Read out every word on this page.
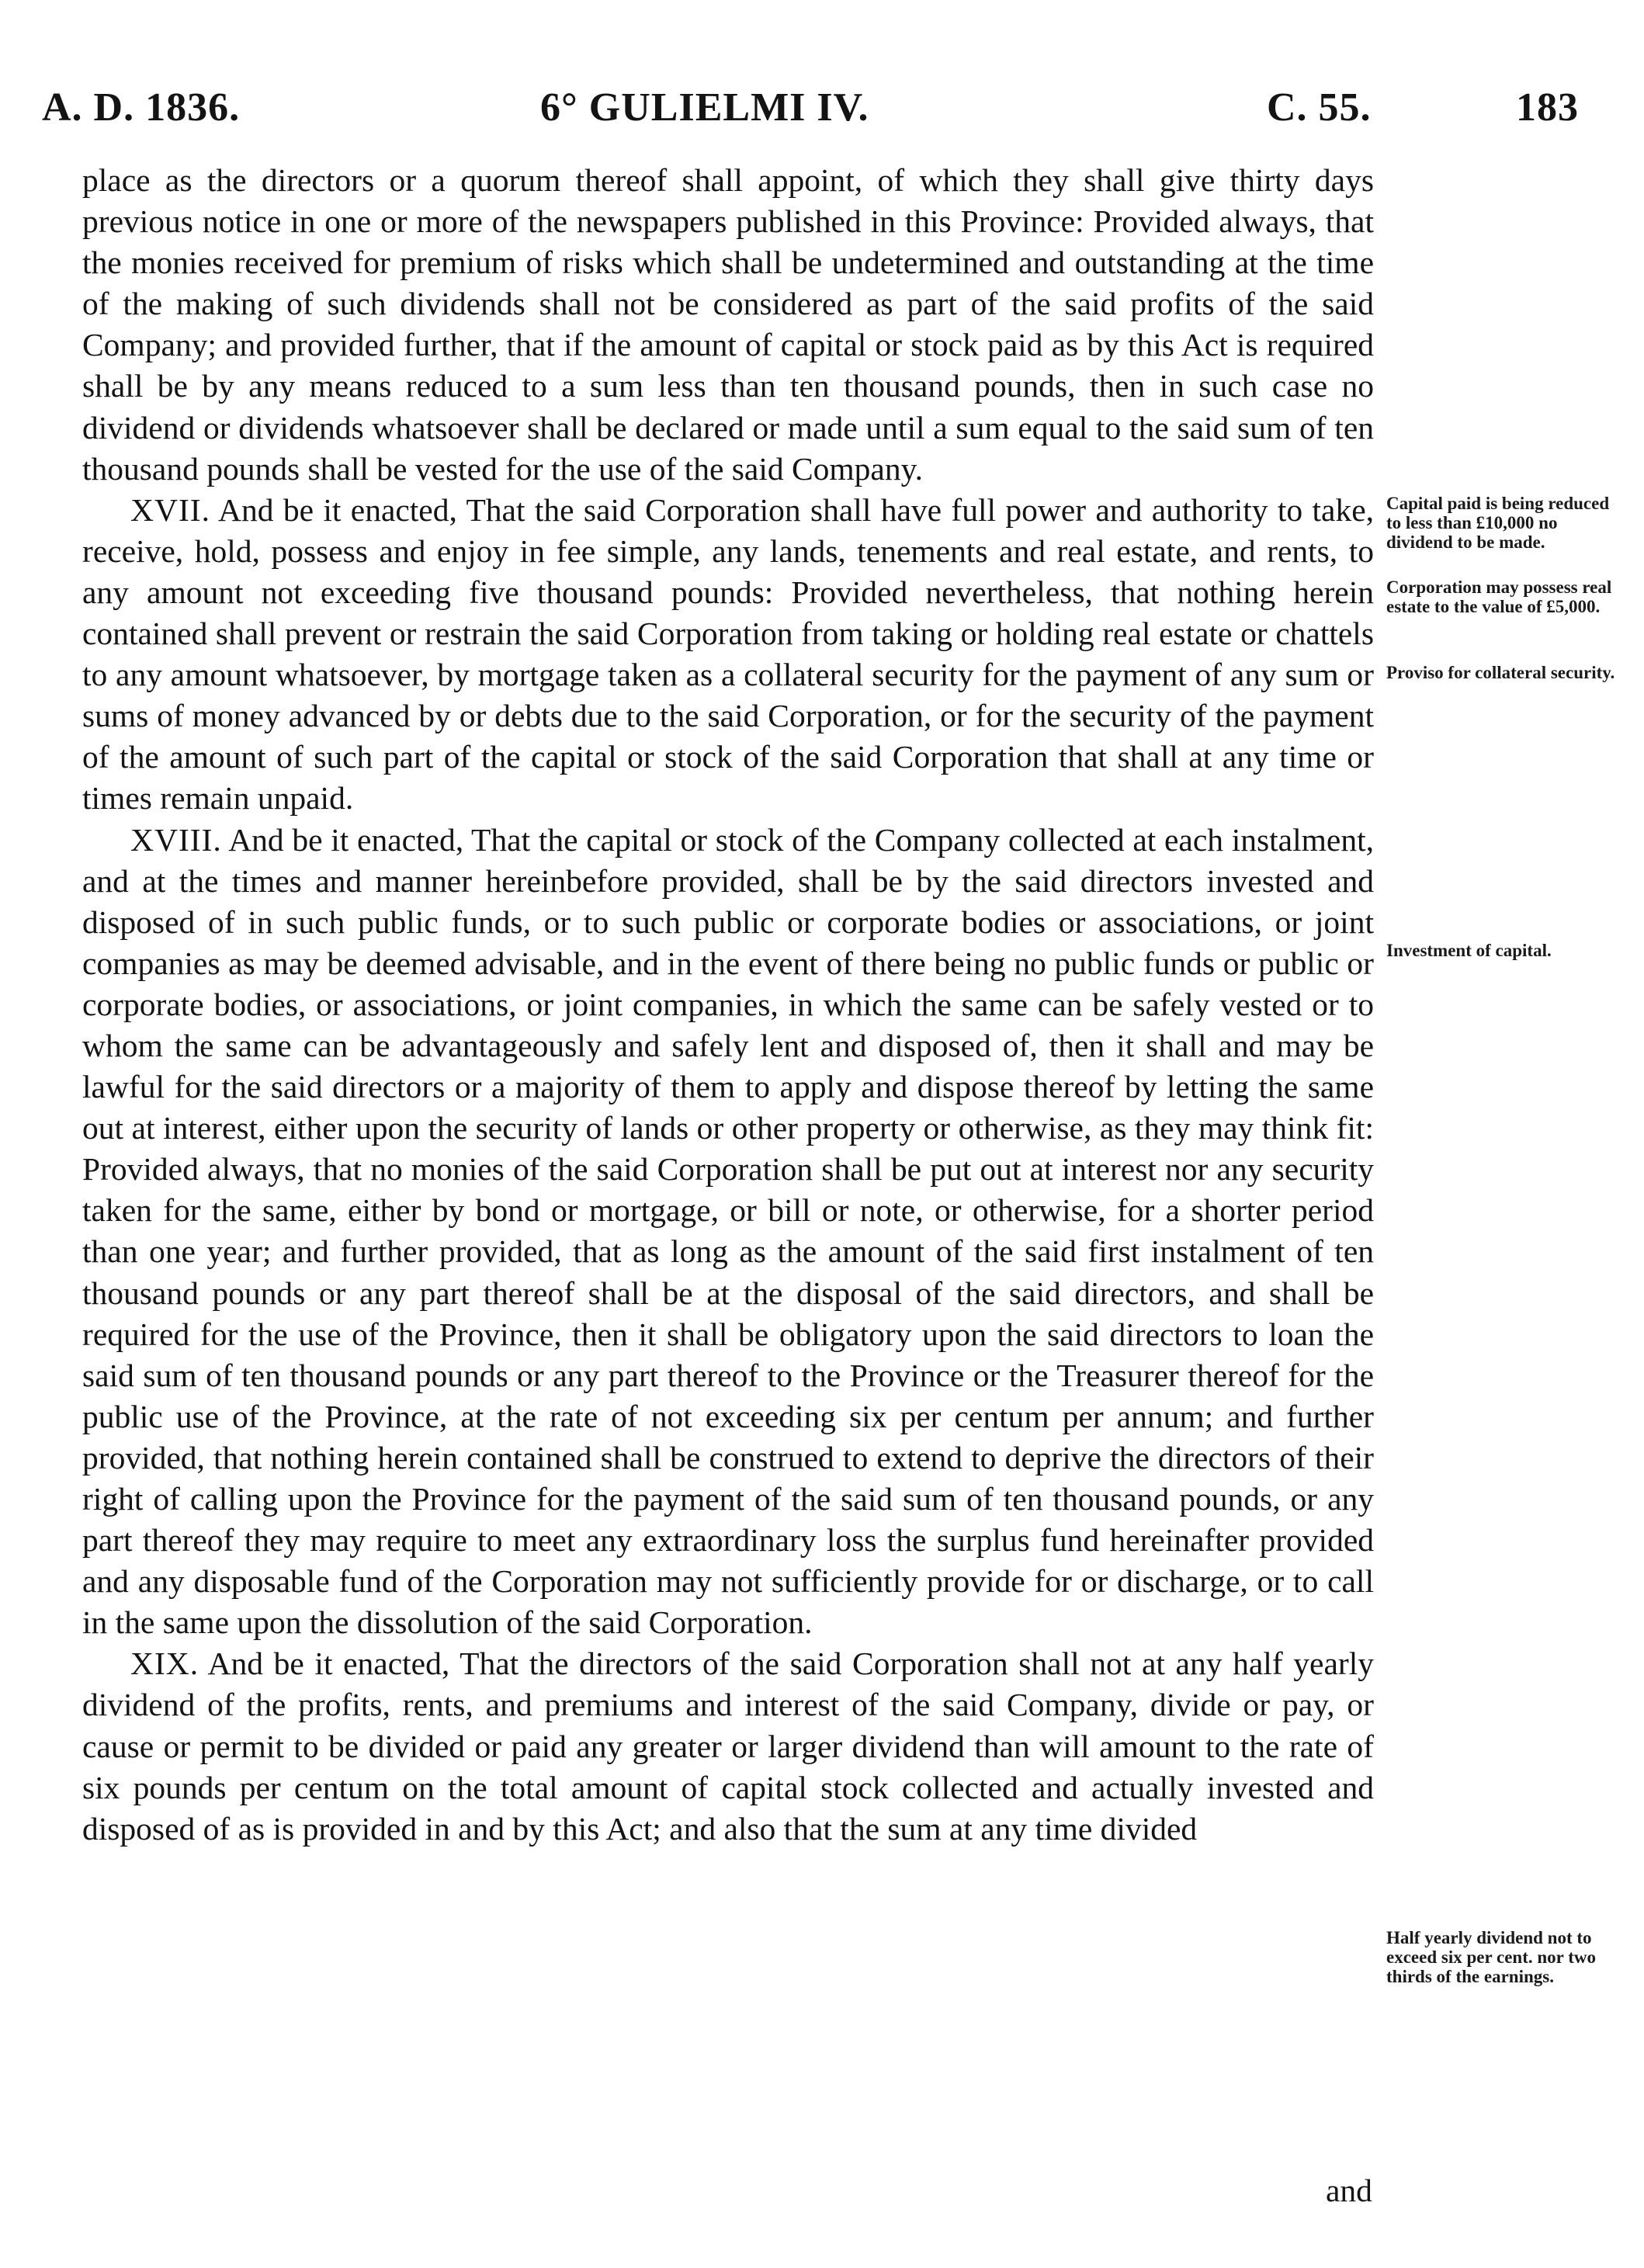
A. D. 1836.	6° GULIELMI IV.	C. 55.	183

place as the directors or a quorum thereof shall appoint, of which they shall give thirty days previous notice in one or more of the newspapers published in this Province: Provided always, that the monies received for premium of risks which shall be undetermined and outstanding at the time of the making of such dividends shall not be considered as part of the said profits of the said Company; and provided further, that if the amount of capital or stock paid as by this Act is required shall be by any means reduced to a sum less than ten thousand pounds, then in such case no dividend or dividends whatsoever shall be declared or made until a sum equal to the said sum of ten thousand pounds shall be vested for the use of the said Company.

XVII. And be it enacted, That the said Corporation shall have full power and authority to take, receive, hold, possess and enjoy in fee simple, any lands, tenements and real estate, and rents, to any amount not exceeding five thousand pounds: Provided nevertheless, that nothing herein contained shall prevent or restrain the said Corporation from taking or holding real estate or chattels to any amount whatsoever, by mortgage taken as a collateral security for the payment of any sum or sums of money advanced by or debts due to the said Corporation, or for the security of the payment of the amount of such part of the capital or stock of the said Corporation that shall at any time or times remain unpaid.

XVIII. And be it enacted, That the capital or stock of the Company collected at each instalment, and at the times and manner hereinbefore provided, shall be by the said directors invested and disposed of in such public funds, or to such public or corporate bodies or associations, or joint companies as may be deemed advisable, and in the event of there being no public funds or public or corporate bodies, or associations, or joint companies, in which the same can be safely vested or to whom the same can be advantageously and safely lent and disposed of, then it shall and may be lawful for the said directors or a majority of them to apply and dispose thereof by letting the same out at interest, either upon the security of lands or other property or otherwise, as they may think fit: Provided always, that no monies of the said Corporation shall be put out at interest nor any security taken for the same, either by bond or mortgage, or bill or note, or otherwise, for a shorter period than one year; and further provided, that as long as the amount of the said first instalment of ten thousand pounds or any part thereof shall be at the disposal of the said directors, and shall be required for the use of the Province, then it shall be obligatory upon the said directors to loan the said sum of ten thousand pounds or any part thereof to the Province or the Treasurer thereof for the public use of the Province, at the rate of not exceeding six per centum per annum; and further provided, that nothing herein contained shall be construed to extend to deprive the directors of their right of calling upon the Province for the payment of the said sum of ten thousand pounds, or any part thereof they may require to meet any extraordinary loss the surplus fund hereinafter provided and any disposable fund of the Corporation may not sufficiently provide for or discharge, or to call in the same upon the dissolution of the said Corporation.

XIX. And be it enacted, That the directors of the said Corporation shall not at any half yearly dividend of the profits, rents, and premiums and interest of the said Company, divide or pay, or cause or permit to be divided or paid any greater or larger dividend than will amount to the rate of six pounds per centum on the total amount of capital stock collected and actually invested and disposed of as is provided in and by this Act; and also that the sum at any time divided

and
Capital paid is being reduced to less than £10,000 no dividend to be made.
Corporation may possess real estate to the value of £5,000.
Proviso for collateral security.
Investment of capital.
Half yearly dividend not to exceed six per cent. nor two thirds of the earnings.
